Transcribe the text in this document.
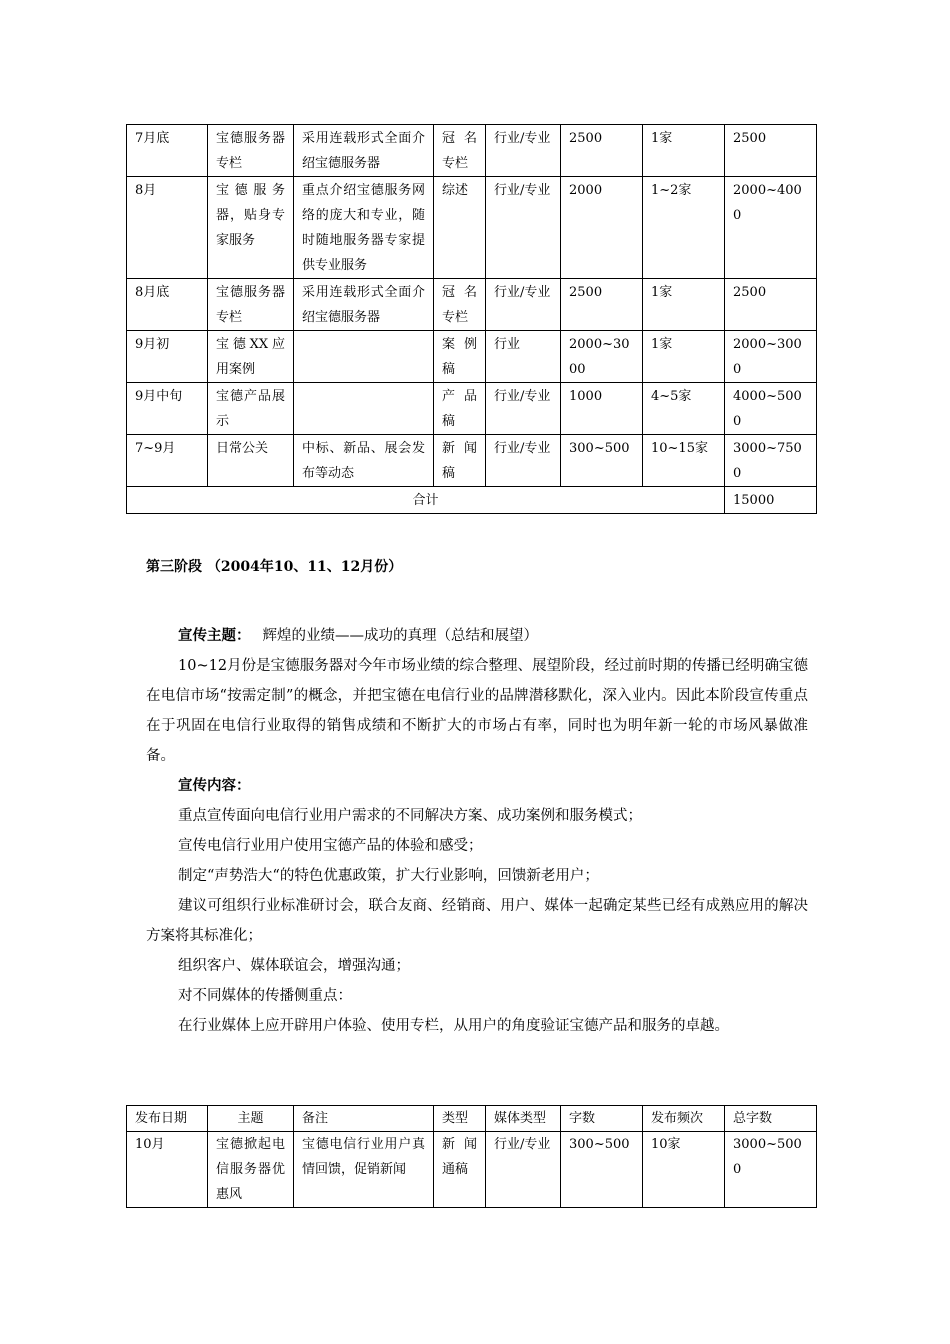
7月底	宝德服务器专栏	采用连载形式全面介绍宝德服务器	冠名专栏	行业/专业	2500	1家	2500
8月	宝德服务器，贴身专家服务	重点介绍宝德服务网络的庞大和专业，随时随地服务器专家提供专业服务	综述	行业/专业	2000	1~2家	2000~4000
8月底	宝德服务器专栏	采用连载形式全面介绍宝德服务器	冠名专栏	行业/专业	2500	1家	2500
9月初	宝德XX应用案例		案例稿	行业	2000~3000	1家	2000~3000
9月中旬	宝德产品展示		产品稿	行业/专业	1000	4~5家	4000~5000
7~9月	日常公关	中标、新品、展会发布等动态	新闻稿	行业/专业	300~500	10~15家	3000~7500
合计							15000

第三阶段 （2004年10、11、12月份）

宣传主题： 辉煌的业绩——成功的真理（总结和展望）

10~12月份是宝德服务器对今年市场业绩的综合整理、展望阶段，经过前时期的传播已经明确宝德在电信市场“按需定制”的概念，并把宝德在电信行业的品牌潜移默化，深入业内。因此本阶段宣传重点在于巩固在电信行业取得的销售成绩和不断扩大的市场占有率，同时也为明年新一轮的市场风暴做准备。

宣传内容：

重点宣传面向电信行业用户需求的不同解决方案、成功案例和服务模式；

宣传电信行业用户使用宝德产品的体验和感受；

制定“声势浩大“的特色优惠政策，扩大行业影响，回馈新老用户；

建议可组织行业标准研讨会，联合友商、经销商、用户、媒体一起确定某些已经有成熟应用的解决方案将其标准化；

组织客户、媒体联谊会，增强沟通；

对不同媒体的传播侧重点：

在行业媒体上应开辟用户体验、使用专栏，从用户的角度验证宝德产品和服务的卓越。

发布日期	主题	备注	类型	媒体类型	字数	发布频次	总字数
10月	宝德掀起电信服务器优惠风	宝德电信行业用户真情回馈，促销新闻	新闻通稿	行业/专业	300~500	10家	3000~5000
